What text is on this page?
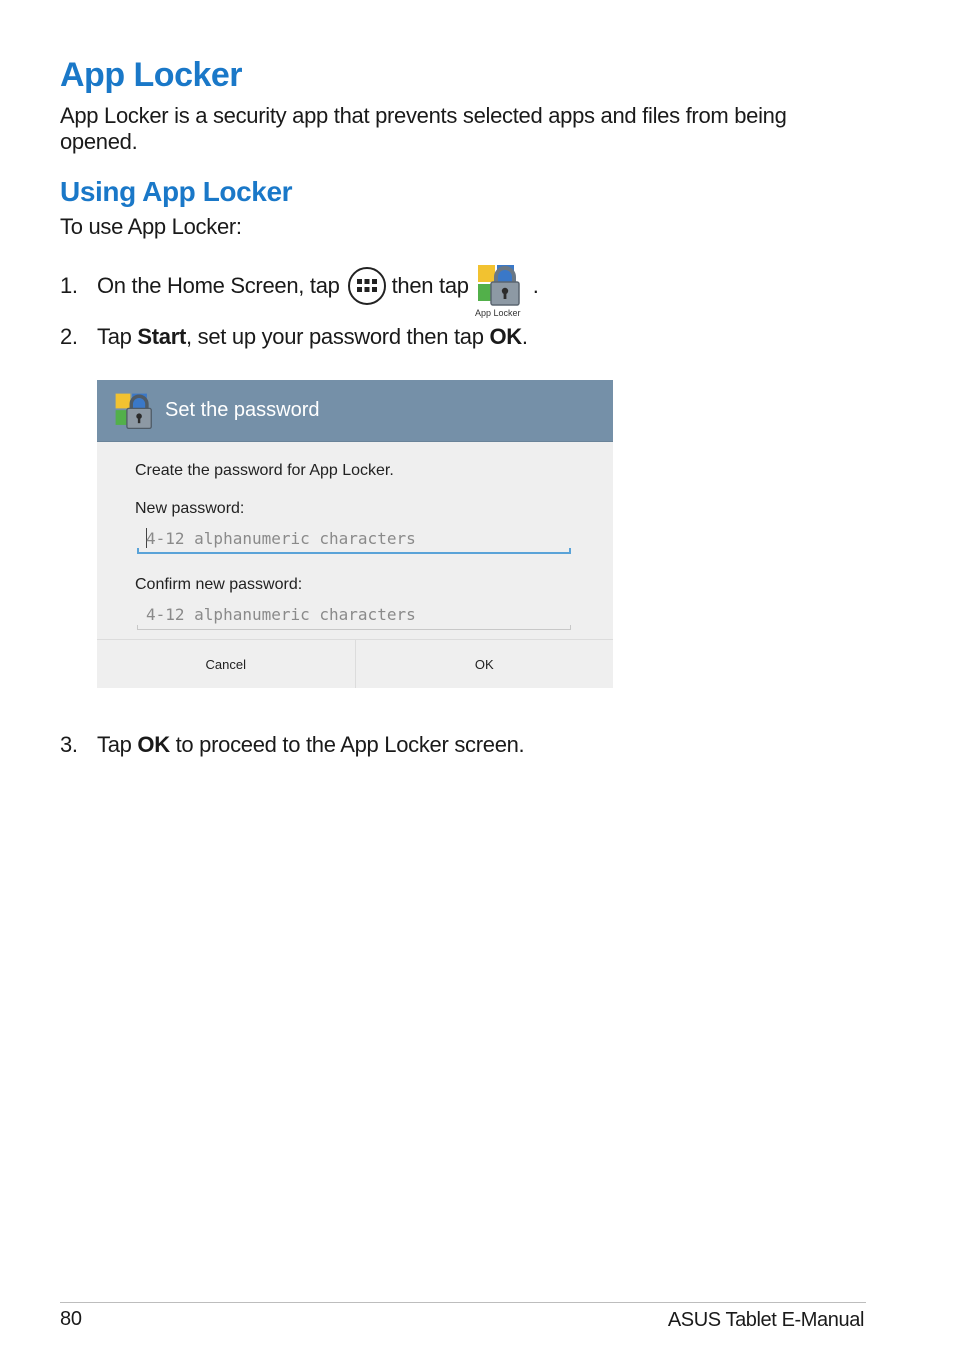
App Locker

App Locker is a security app that prevents selected apps and files from being opened.

Using App Locker

To use App Locker:

1. On the Home Screen, tap then tap
App Locker
.
2. Tap Start , set up your password then tap OK .
Set the password

Create the password for App Locker.

New password:

4-12 alphanumeric characters

Confirm new password:

4-12 alphanumeric characters
Cancel	OK
3. Tap OK to proceed to the App Locker screen.
80	ASUS Tablet E-Manual
